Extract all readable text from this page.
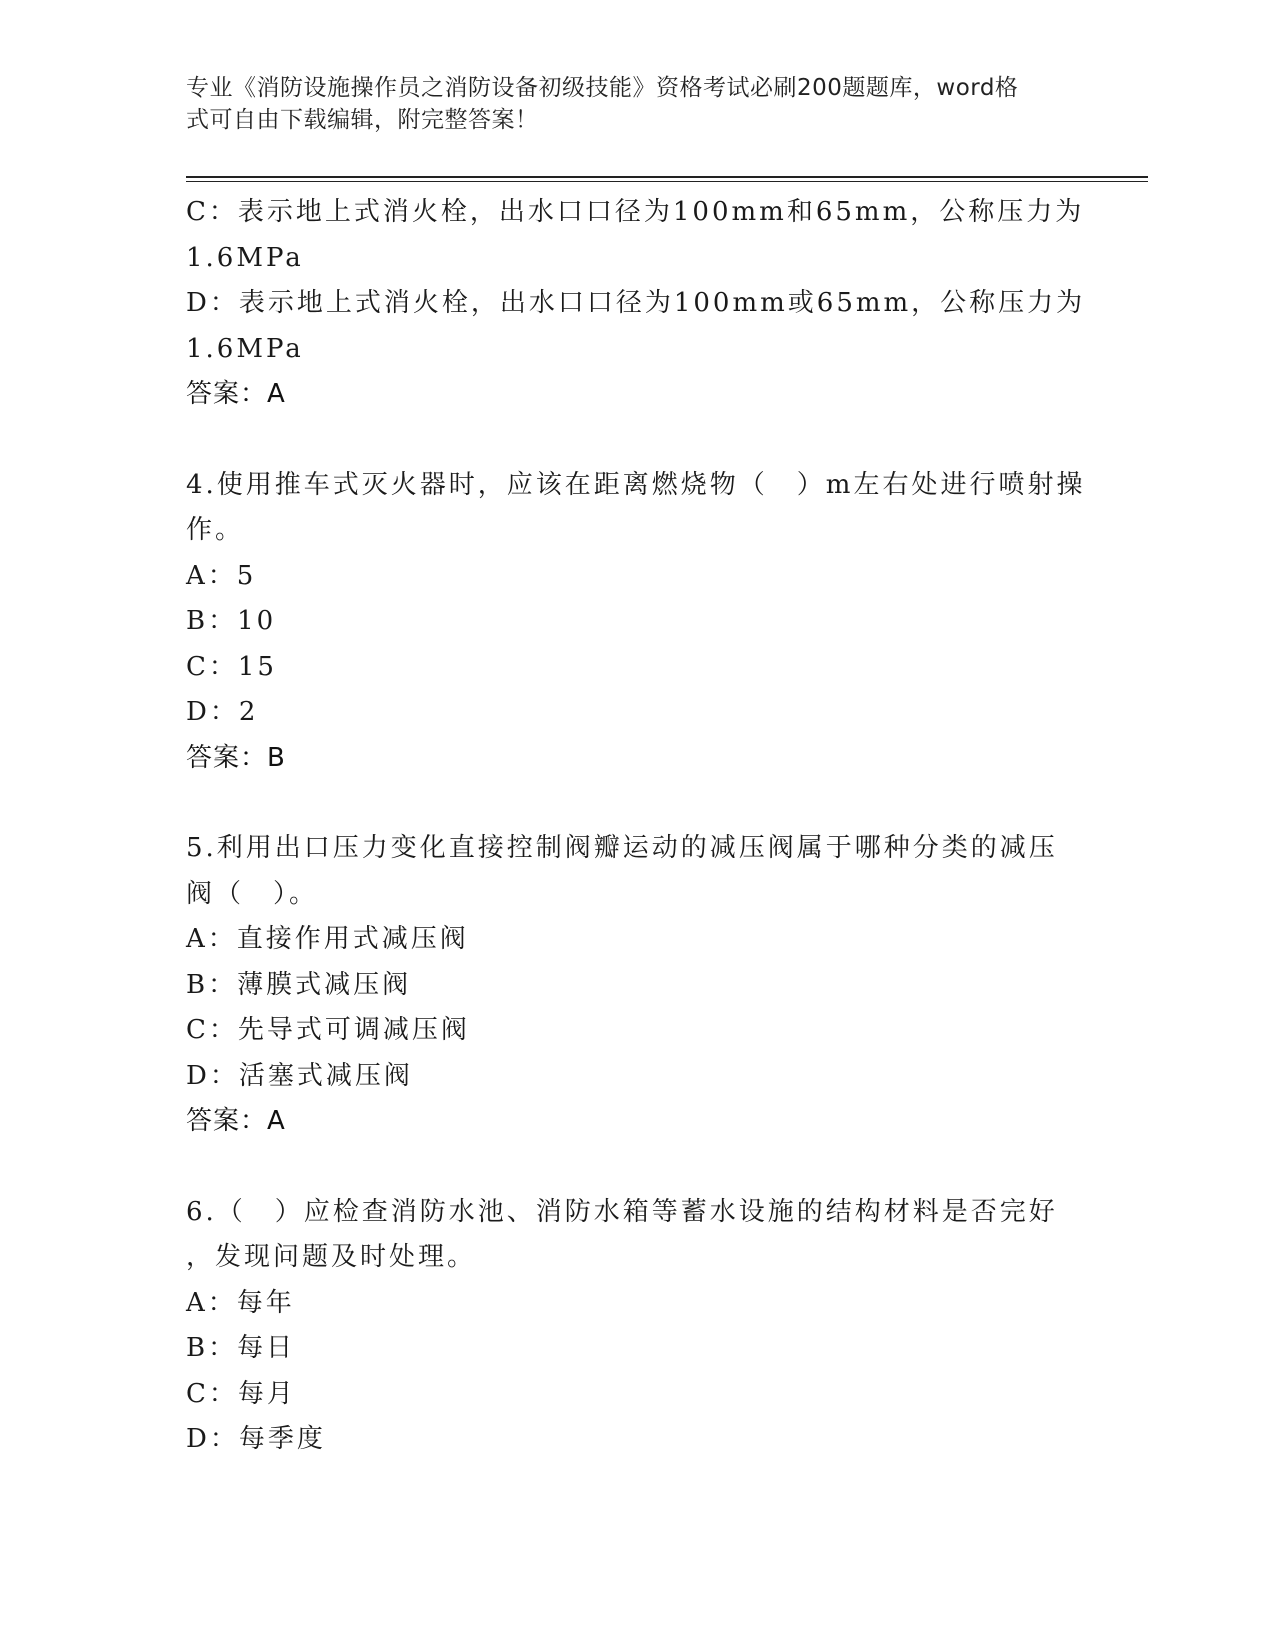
专业《消防设施操作员之消防设备初级技能》资格考试必刷200题题库，word格
式可自由下载编辑，附完整答案！
C：表示地上式消火栓，出水口口径为100mm和65mm，公称压力为
1.6MPa
D：表示地上式消火栓，出水口口径为100mm或65mm，公称压力为
1.6MPa
答案：A
4.使用推车式灭火器时，应该在距离燃烧物（　）m左右处进行喷射操
作。
A：5
B：10
C：15
D：2
答案：B
5.利用出口压力变化直接控制阀瓣运动的减压阀属于哪种分类的减压
阀（　）。
A：直接作用式减压阀
B：薄膜式减压阀
C：先导式可调减压阀
D：活塞式减压阀
答案：A
6.（　）应检查消防水池、消防水箱等蓄水设施的结构材料是否完好
，发现问题及时处理。
A：每年
B：每日
C：每月
D：每季度
